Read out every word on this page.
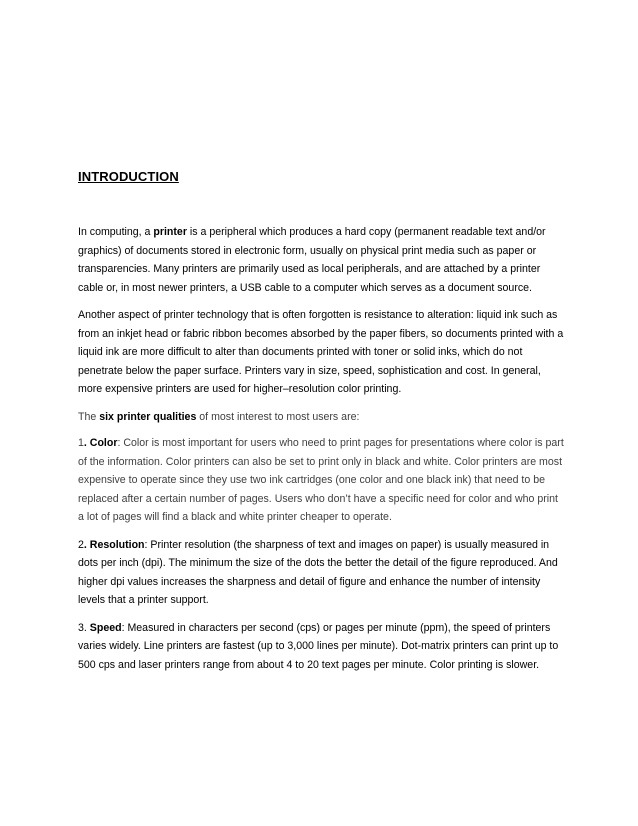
INTRODUCTION

In computing, a printer is a peripheral which produces a hard copy (permanent readable text and/or graphics) of documents stored in electronic form, usually on physical print media such as paper or transparencies. Many printers are primarily used as local peripherals, and are attached by a printer cable or, in most newer printers, a USB cable to a computer which serves as a document source.

Another aspect of printer technology that is often forgotten is resistance to alteration: liquid ink such as from an inkjet head or fabric ribbon becomes absorbed by the paper fibers, so documents printed with a liquid ink are more difficult to alter than documents printed with toner or solid inks, which do not penetrate below the paper surface. Printers vary in size, speed, sophistication and cost. In general, more expensive printers are used for higher–resolution color printing.

The six printer qualities of most interest to most users are:

1. Color: Color is most important for users who need to print pages for presentations where color is part of the information. Color printers can also be set to print only in black and white. Color printers are most expensive to operate since they use two ink cartridges (one color and one black ink) that need to be replaced after a certain number of pages. Users who don’t have a specific need for color and who print a lot of pages will find a black and white printer cheaper to operate.

2. Resolution: Printer resolution (the sharpness of text and images on paper) is usually measured in dots per inch (dpi). The minimum the size of the dots the better the detail of the figure reproduced. And higher dpi values increases the sharpness and detail of figure and enhance the number of intensity levels that a printer support.

3. Speed: Measured in characters per second (cps) or pages per minute (ppm), the speed of printers varies widely. Line printers are fastest (up to 3,000 lines per minute). Dot-matrix printers can print up to 500 cps and laser printers range from about 4 to 20 text pages per minute. Color printing is slower.
